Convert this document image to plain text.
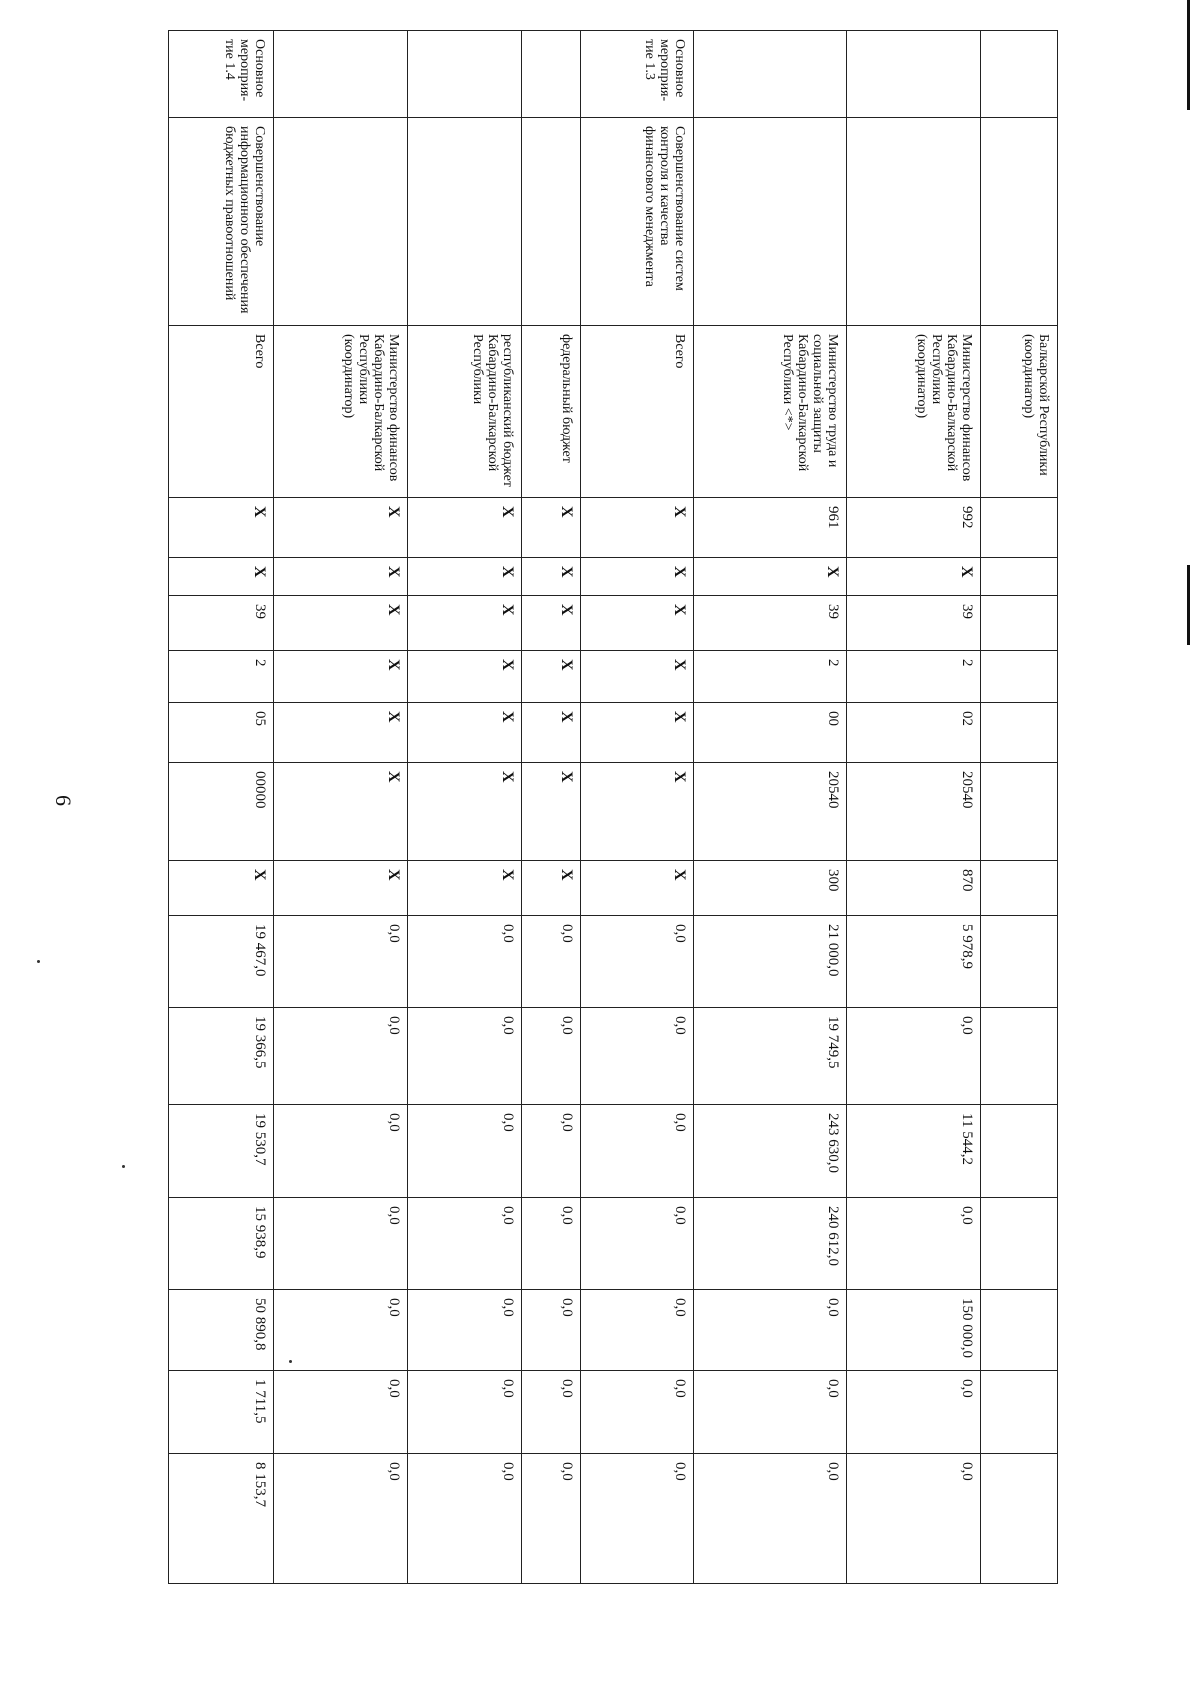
6
		Балкарской Республики (координатор)														
		Министерство финансов Кабардино-Балкарской Республики (координатор)	992	Х	39	2	02	20540	870	5 978,9	0,0	11 544,2	0,0	150 000,0	0,0	0,0
		Министерство труда и социальной защиты Кабардино-Балкарской Республики <*>	961	Х	39	2	00	20540	300	21 000,0	19 749,5	243 630,0	240 612,0	0,0	0,0	0,0
Основное мероприя-тие 1.3	Совершенствование систем контроля и качества финансового менеджмента	Всего	Х	Х	Х	Х	Х	Х	Х	0,0	0,0	0,0	0,0	0,0	0,0	0,0
		федеральный бюджет	Х	Х	Х	Х	Х	Х	Х	0,0	0,0	0,0	0,0	0,0	0,0	0,0
		республиканский бюджет Кабардино-Балкарской Республики	Х	Х	Х	Х	Х	Х	Х	0,0	0,0	0,0	0,0	0,0	0,0	0,0
		Министерство финансов Кабардино-Балкарской Республики (координатор)	Х	Х	Х	Х	Х	Х	Х	0,0	0,0	0,0	0,0	0,0	0,0	0,0
Основное мероприя-тие 1.4	Совершенствование информационного обеспечения бюджетных правоотношений	Всего	Х	Х	39	2	05	00000	Х	19 467,0	19 366,5	19 530,7	15 938,9	50 890,8	1 711,5	8 153,7
